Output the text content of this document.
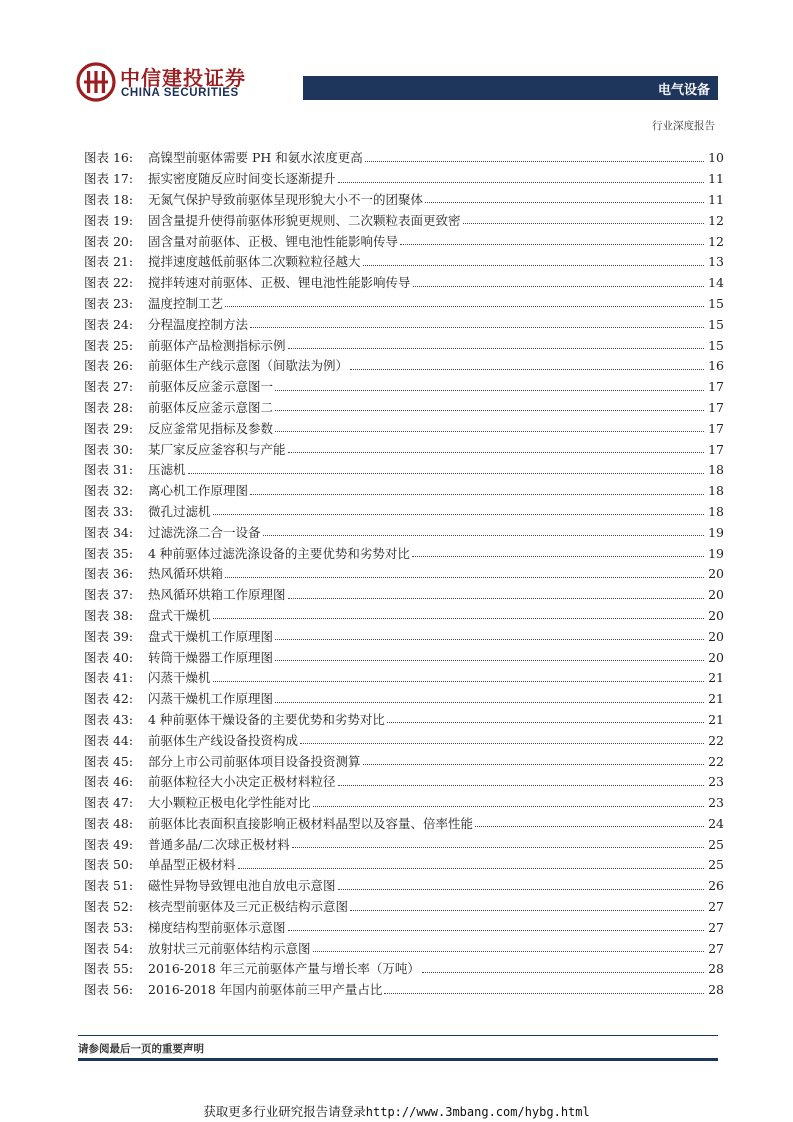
中信建投证券
CHINA SECURITIES	电气设备
行业深度报告
图表 16:	高镍型前驱体需要 PH 和氨水浓度更高	10
图表 17:	振实密度随反应时间变长逐渐提升	11
图表 18:	无氮气保护导致前驱体呈现形貌大小不一的团聚体	11
图表 19:	固含量提升使得前驱体形貌更规则、二次颗粒表面更致密	12
图表 20:	固含量对前驱体、正极、锂电池性能影响传导	12
图表 21:	搅拌速度越低前驱体二次颗粒粒径越大	13
图表 22:	搅拌转速对前驱体、正极、锂电池性能影响传导	14
图表 23:	温度控制工艺	15
图表 24:	分程温度控制方法	15
图表 25:	前驱体产品检测指标示例	15
图表 26:	前驱体生产线示意图（间歇法为例）	16
图表 27:	前驱体反应釜示意图一	17
图表 28:	前驱体反应釜示意图二	17
图表 29:	反应釜常见指标及参数	17
图表 30:	某厂家反应釜容积与产能	17
图表 31:	压滤机	18
图表 32:	离心机工作原理图	18
图表 33:	微孔过滤机	18
图表 34:	过滤洗涤二合一设备	19
图表 35:	4 种前驱体过滤洗涤设备的主要优势和劣势对比	19
图表 36:	热风循环烘箱	20
图表 37:	热风循环烘箱工作原理图	20
图表 38:	盘式干燥机	20
图表 39:	盘式干燥机工作原理图	20
图表 40:	转筒干燥器工作原理图	20
图表 41:	闪蒸干燥机	21
图表 42:	闪蒸干燥机工作原理图	21
图表 43:	4 种前驱体干燥设备的主要优势和劣势对比	21
图表 44:	前驱体生产线设备投资构成	22
图表 45:	部分上市公司前驱体项目设备投资测算	22
图表 46:	前驱体粒径大小决定正极材料粒径	23
图表 47:	大小颗粒正极电化学性能对比	23
图表 48:	前驱体比表面积直接影响正极材料晶型以及容量、倍率性能	24
图表 49:	普通多晶/二次球正极材料	25
图表 50:	单晶型正极材料	25
图表 51:	磁性异物导致锂电池自放电示意图	26
图表 52:	核壳型前驱体及三元正极结构示意图	27
图表 53:	梯度结构型前驱体示意图	27
图表 54:	放射状三元前驱体结构示意图	27
图表 55:	2016-2018 年三元前驱体产量与增长率（万吨）	28
图表 56:	2016-2018 年国内前驱体前三甲产量占比	28
请参阅最后一页的重要声明
获取更多行业研究报告请登录http://www.3mbang.com/hybg.html
